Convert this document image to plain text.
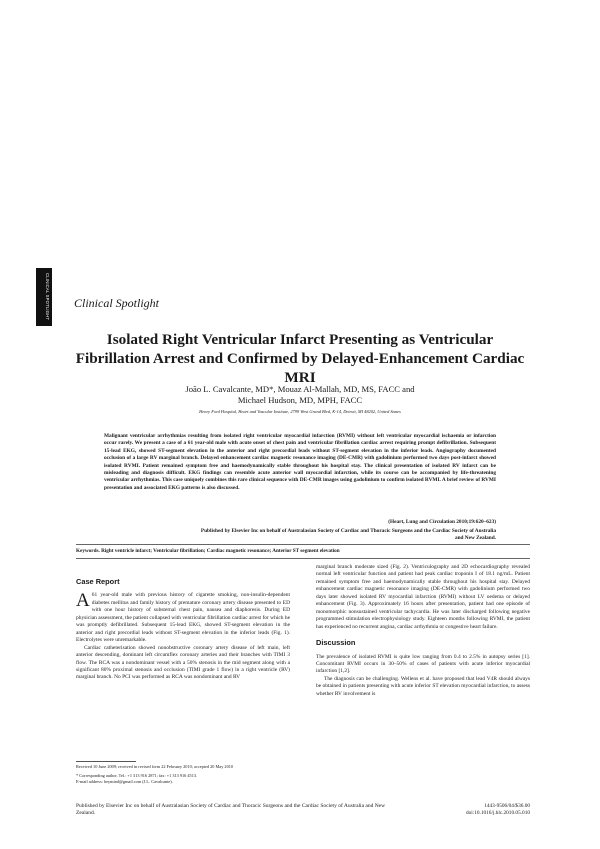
CLINICAL SPOTLIGHT Clinical Spotlight
Isolated Right Ventricular Infarct Presenting as Ventricular Fibrillation Arrest and Confirmed by Delayed-Enhancement Cardiac MRI
João L. Cavalcante, MD*, Mouaz Al-Mallah, MD, MS, FACC and
Michael Hudson, MD, MPH, FACC
Henry Ford Hospital, Heart and Vascular Institute, 2799 West Grand Blvd, K-14, Detroit, MI 48202, United States
Malignant ventricular arrhythmias resulting from isolated right ventricular myocardial infarction (RVMI) without left ventricular myocardial ischaemia or infarction occur rarely. We present a case of a 61 year-old male with acute onset of chest pain and ventricular fibrillation cardiac arrest requiring prompt defibrillation. Subsequent 15-lead EKG, showed ST-segment elevation in the anterior and right precordial leads without ST-segment elevation in the inferior leads. Angiography documented occlusion of a large RV marginal branch. Delayed enhancement cardiac magnetic resonance imaging (DE-CMR) with gadolinium performed two days post-infarct showed isolated RVMI. Patient remained symptom free and haemodynamically stable throughout his hospital stay. The clinical presentation of isolated RV infarct can be misleading and diagnosis difficult. EKG findings can resemble acute anterior wall myocardial infarction, while its course can be accompanied by life-threatening ventricular arrhythmias. This case uniquely combines this rare clinical sequence with DE-CMR images using gadolinium to confirm isolated RVMI. A brief review of RVMI presentation and associated EKG patterns is also discussed.
(Heart, Lung and Circulation 2010;19:620–623)
Published by Elsevier Inc on behalf of Australasian Society of Cardiac and Thoracic Surgeons and the Cardiac Society of Australia and New Zealand.
Keywords. Right ventricle infarct; Ventricular fibrillation; Cardiac magnetic resonance; Anterior ST segment elevation
Case Report

A 61 year-old male with previous history of cigarette smoking, non-insulin-dependent diabetes mellitus and family history of premature coronary artery disease presented to ED with one hour history of substernal chest pain, nausea and diaphoresis. During ED physician assessment, the patient collapsed with ventricular fibrillation cardiac arrest for which he was promptly defibrillated. Subsequent 15-lead EKG, showed ST-segment elevation in the anterior and right precordial leads without ST-segment elevation in the inferior leads (Fig. 1). Electrolytes were unremarkable.

Cardiac catheterisation showed nonobstructive coronary artery disease of left main, left anterior descending, dominant left circumflex coronary arteries and their branches with TIMI 3 flow. The RCA was a nondominant vessel with a 50% stenosis in the mid segment along with a significant 80% proximal stenosis and occlusion (TIMI grade 1 flow) in a right ventricle (RV) marginal branch. No PCI was performed as RCA was nondominant and RV

marginal branch moderate sized (Fig. 2). Ventriculography and 2D echocardiography revealed normal left ventricular function and patient had peak cardiac troponin I of 18.1 ng/mL. Patient remained symptom free and haemodynamically stable throughout his hospital stay. Delayed enhancement cardiac magnetic resonance imaging (DE-CMR) with gadolinium performed two days later showed isolated RV myocardial infarction (RVMI) without LV oedema or delayed enhancement (Fig. 3). Approximately 16 hours after presentation, patient had one episode of monomorphic nonsustained ventricular tachycardia. He was later discharged following negative programmed stimulation electrophysiology study. Eighteen months following RVMI, the patient has experienced no recurrent angina, cardiac arrhythmia or congestive heart failure.

Discussion

The prevalence of isolated RVMI is quite low ranging from 0.4 to 2.5% in autopsy series [1]. Concomitant RVMI occurs in 30–50% of cases of patients with acute inferior myocardial infarction [1,2].

The diagnosis can be challenging. Wellens et al. have proposed that lead V4R should always be obtained in patients presenting with acute inferior ST elevation myocardial infarction, to assess whether RV involvement is

Received 10 June 2009; received in revised form 22 February 2010; accepted 20 May 2010
* Corresponding author. Tel.: +1 313 916 2871; fax: +1 313 916 4513.
E-mail address: heymind@gmail.com (J.L. Cavalcante).
Published by Elsevier Inc on behalf of Australasian Society of Cardiac and Thoracic Surgeons and the Cardiac Society of Australia and New Zealand.
1443-9506/04/$36.00
doi:10.1016/j.hlc.2010.05.010
